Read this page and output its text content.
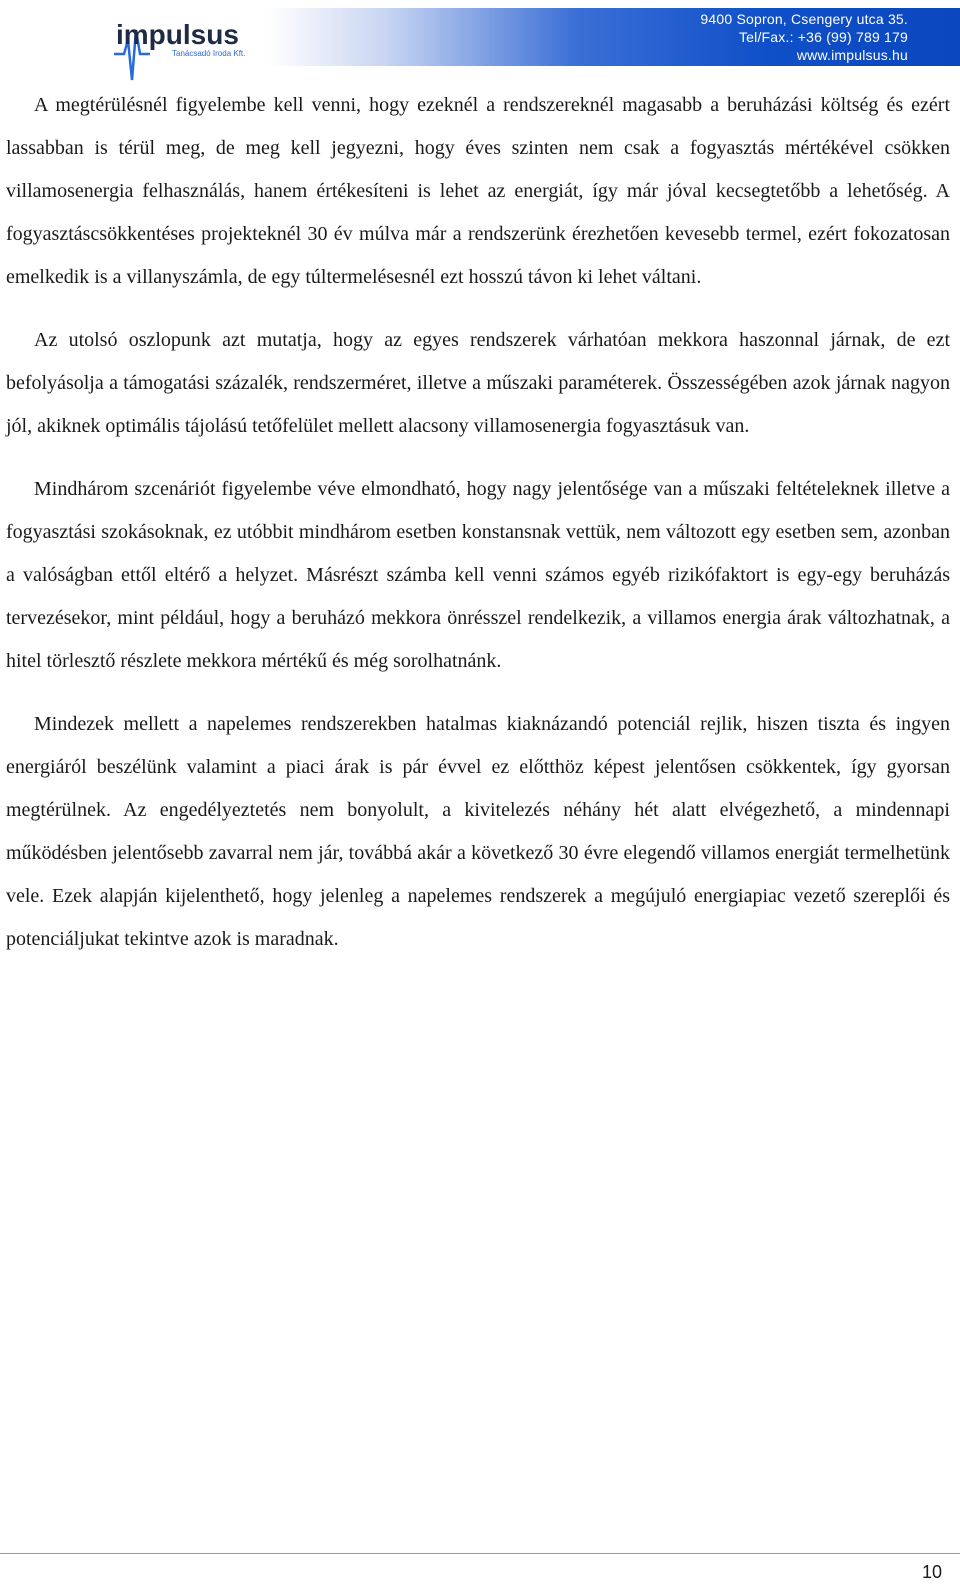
impulsus
Tanácsadó Iroda Kft.
9400 Sopron, Csengery utca 35.
Tel/Fax.: +36 (99) 789 179
www.impulsus.hu

A megtérülésnél figyelembe kell venni, hogy ezeknél a rendszereknél magasabb a beruházási költség és ezért lassabban is térül meg, de meg kell jegyezni, hogy éves szinten nem csak a fogyasztás mértékével csökken villamosenergia felhasználás, hanem értékesíteni is lehet az energiát, így már jóval kecsegtetőbb a lehetőség. A fogyasztáscsökkentéses projekteknél 30 év múlva már a rendszerünk érezhetően kevesebb termel, ezért fokozatosan emelkedik is a villanyszámla, de egy túltermelésesnél ezt hosszú távon ki lehet váltani.

Az utolsó oszlopunk azt mutatja, hogy az egyes rendszerek várhatóan mekkora haszonnal járnak, de ezt befolyásolja a támogatási százalék, rendszerméret, illetve a műszaki paraméterek. Összességében azok járnak nagyon jól, akiknek optimális tájolású tetőfelület mellett alacsony villamosenergia fogyasztásuk van.

Mindhárom szcenáriót figyelembe véve elmondható, hogy nagy jelentősége van a műszaki feltételeknek illetve a fogyasztási szokásoknak, ez utóbbit mindhárom esetben konstansnak vettük, nem változott egy esetben sem, azonban a valóságban ettől eltérő a helyzet. Másrészt számba kell venni számos egyéb rizikófaktort is egy-egy beruházás tervezésekor, mint például, hogy a beruházó mekkora önrésszel rendelkezik, a villamos energia árak változhatnak, a hitel törlesztő részlete mekkora mértékű és még sorolhatnánk.

Mindezek mellett a napelemes rendszerekben hatalmas kiaknázandó potenciál rejlik, hiszen tiszta és ingyen energiáról beszélünk valamint a piaci árak is pár évvel ez előtthöz képest jelentősen csökkentek, így gyorsan megtérülnek. Az engedélyeztetés nem bonyolult, a kivitelezés néhány hét alatt elvégezhető, a mindennapi működésben jelentősebb zavarral nem jár, továbbá akár a következő 30 évre elegendő villamos energiát termelhetünk vele. Ezek alapján kijelenthető, hogy jelenleg a napelemes rendszerek a megújuló energiapiac vezető szereplői és potenciáljukat tekintve azok is maradnak.

10
